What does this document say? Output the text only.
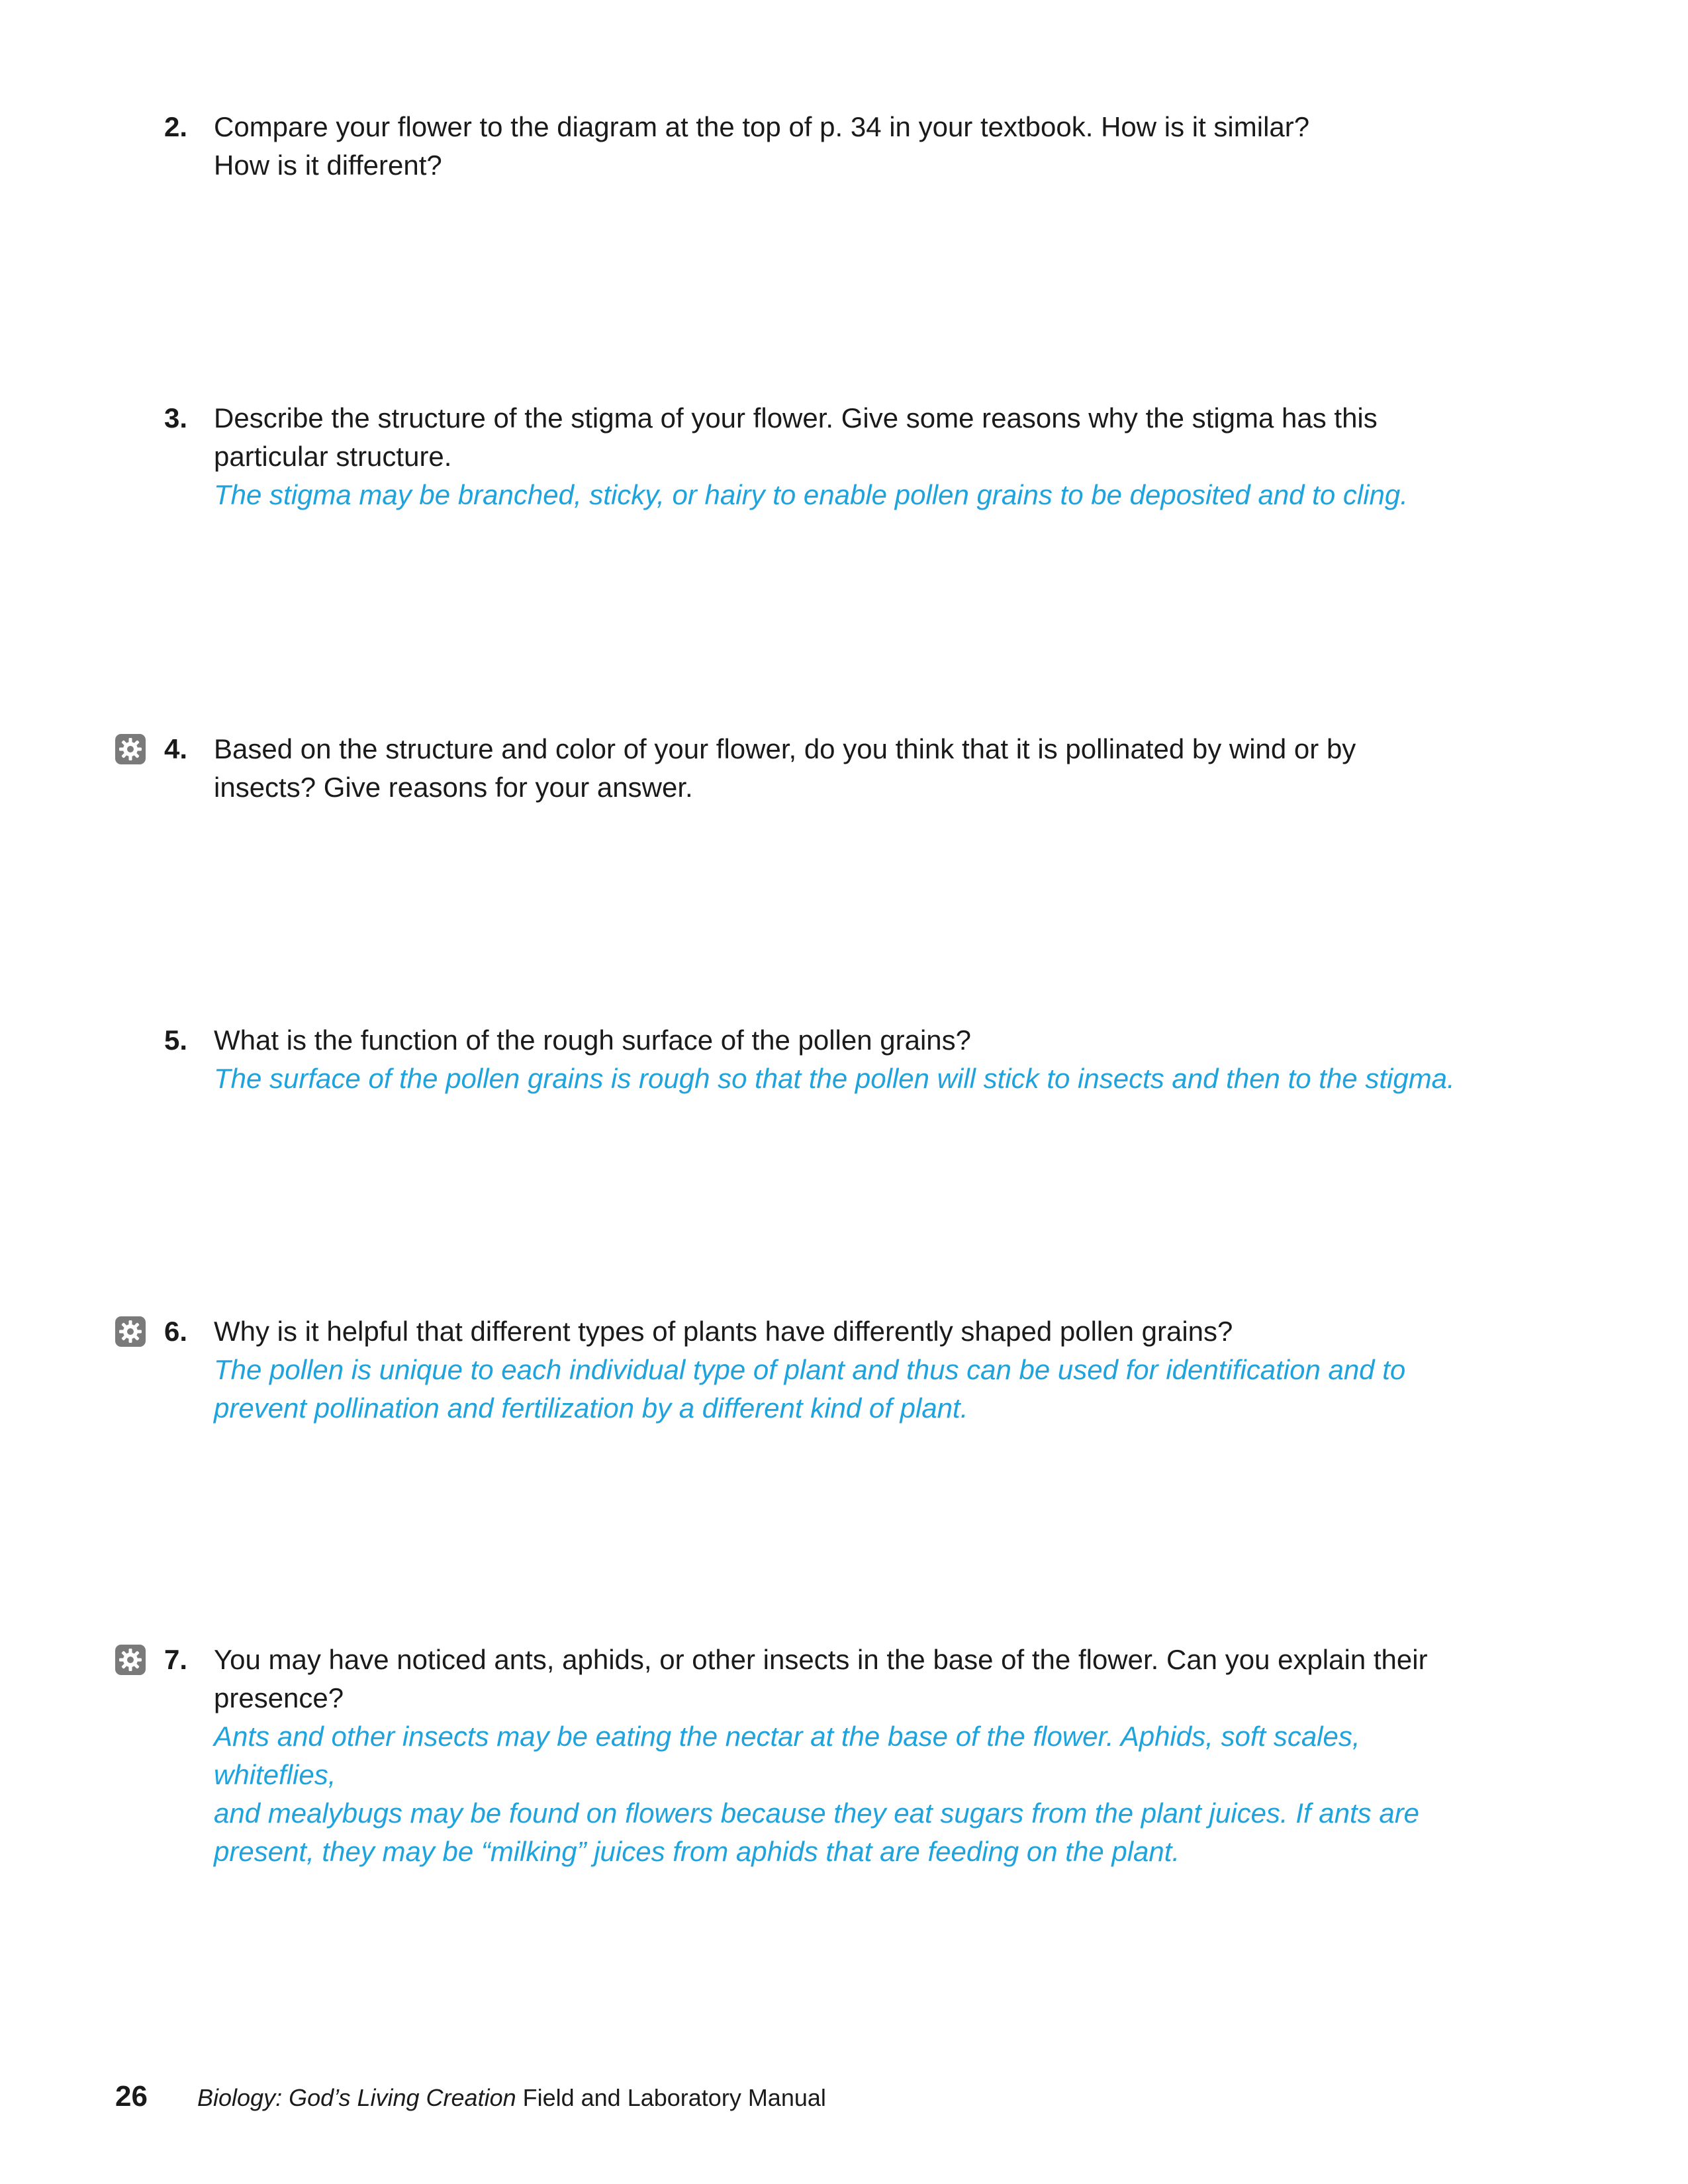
2. Compare your flower to the diagram at the top of p. 34 in your textbook. How is it similar?
How is it different?

3. Describe the structure of the stigma of your flower. Give some reasons why the stigma has this
particular structure.

The stigma may be branched, sticky, or hairy to enable pollen grains to be deposited and to cling.

4. Based on the structure and color of your flower, do you think that it is pollinated by wind or by
insects? Give reasons for your answer.

5. What is the function of the rough surface of the pollen grains?

The surface of the pollen grains is rough so that the pollen will stick to insects and then to the stigma.

6. Why is it helpful that different types of plants have differently shaped pollen grains?

The pollen is unique to each individual type of plant and thus can be used for identification and to
prevent pollination and fertilization by a different kind of plant.

7. You may have noticed ants, aphids, or other insects in the base of the flower. Can you explain their
presence?

Ants and other insects may be eating the nectar at the base of the flower. Aphids, soft scales, whiteflies,
and mealybugs may be found on flowers because they eat sugars from the plant juices. If ants are
present, they may be “milking” juices from aphids that are feeding on the plant.

26 Biology: God’s Living Creation Field and Laboratory Manual
